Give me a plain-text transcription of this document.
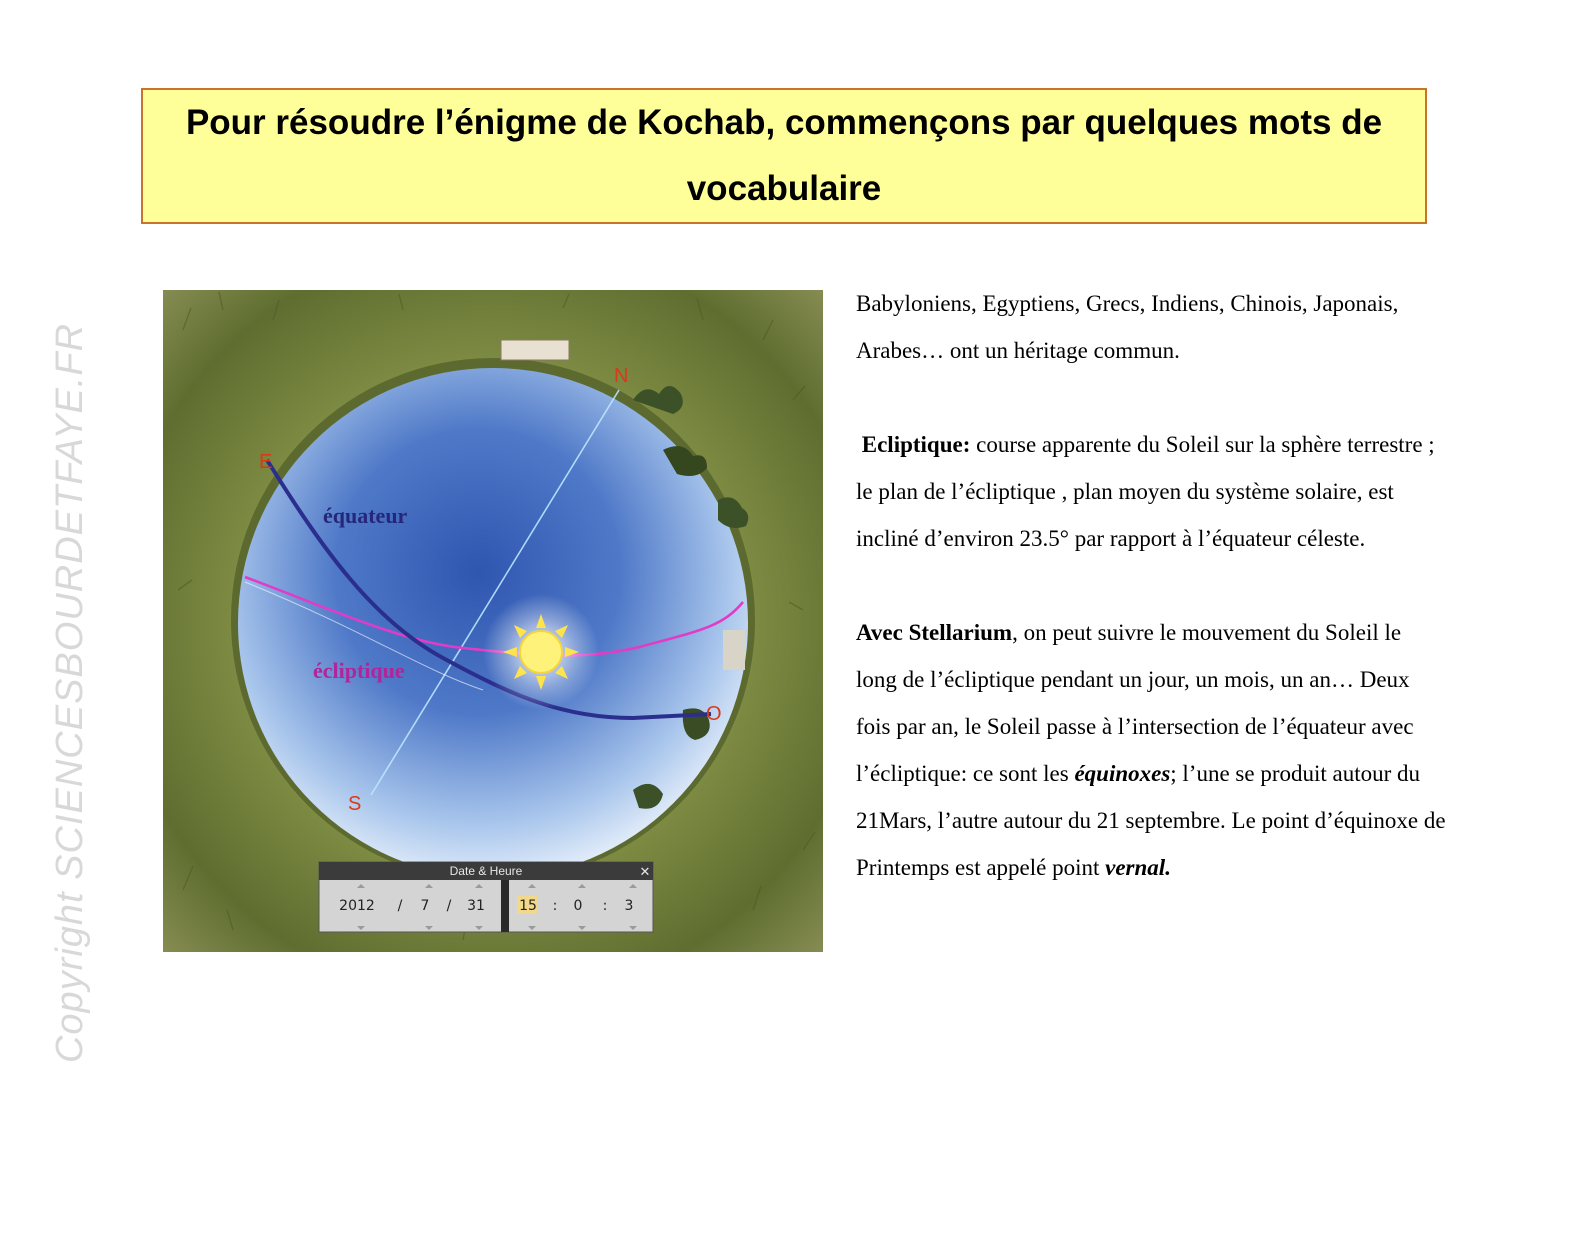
Copyright SCIENCESBOURDETFAYE.FR
Pour résoudre l’énigme de Kochab, commençons par quelques mots de vocabulaire
équateur
écliptique
N
E
S
O
Date & Heure	✕
2012 / 7 / 31 15 : 0 : 3

Babyloniens, Egyptiens, Grecs, Indiens, Chinois, Japonais, Arabes… ont un héritage commun.

Ecliptique: course apparente du Soleil sur la sphère terrestre ; le plan de l’écliptique , plan moyen du système solaire, est incliné d’environ 23.5° par rapport à l’équateur céleste.

Avec Stellarium, on peut suivre le mouvement du Soleil le long de l’écliptique pendant un jour, un mois, un an… Deux fois par an, le Soleil passe à l’intersection de l’équateur avec l’écliptique: ce sont les équinoxes; l’une se produit autour du 21Mars, l’autre autour du 21 septembre. Le point d’équinoxe de Printemps est appelé point vernal.
